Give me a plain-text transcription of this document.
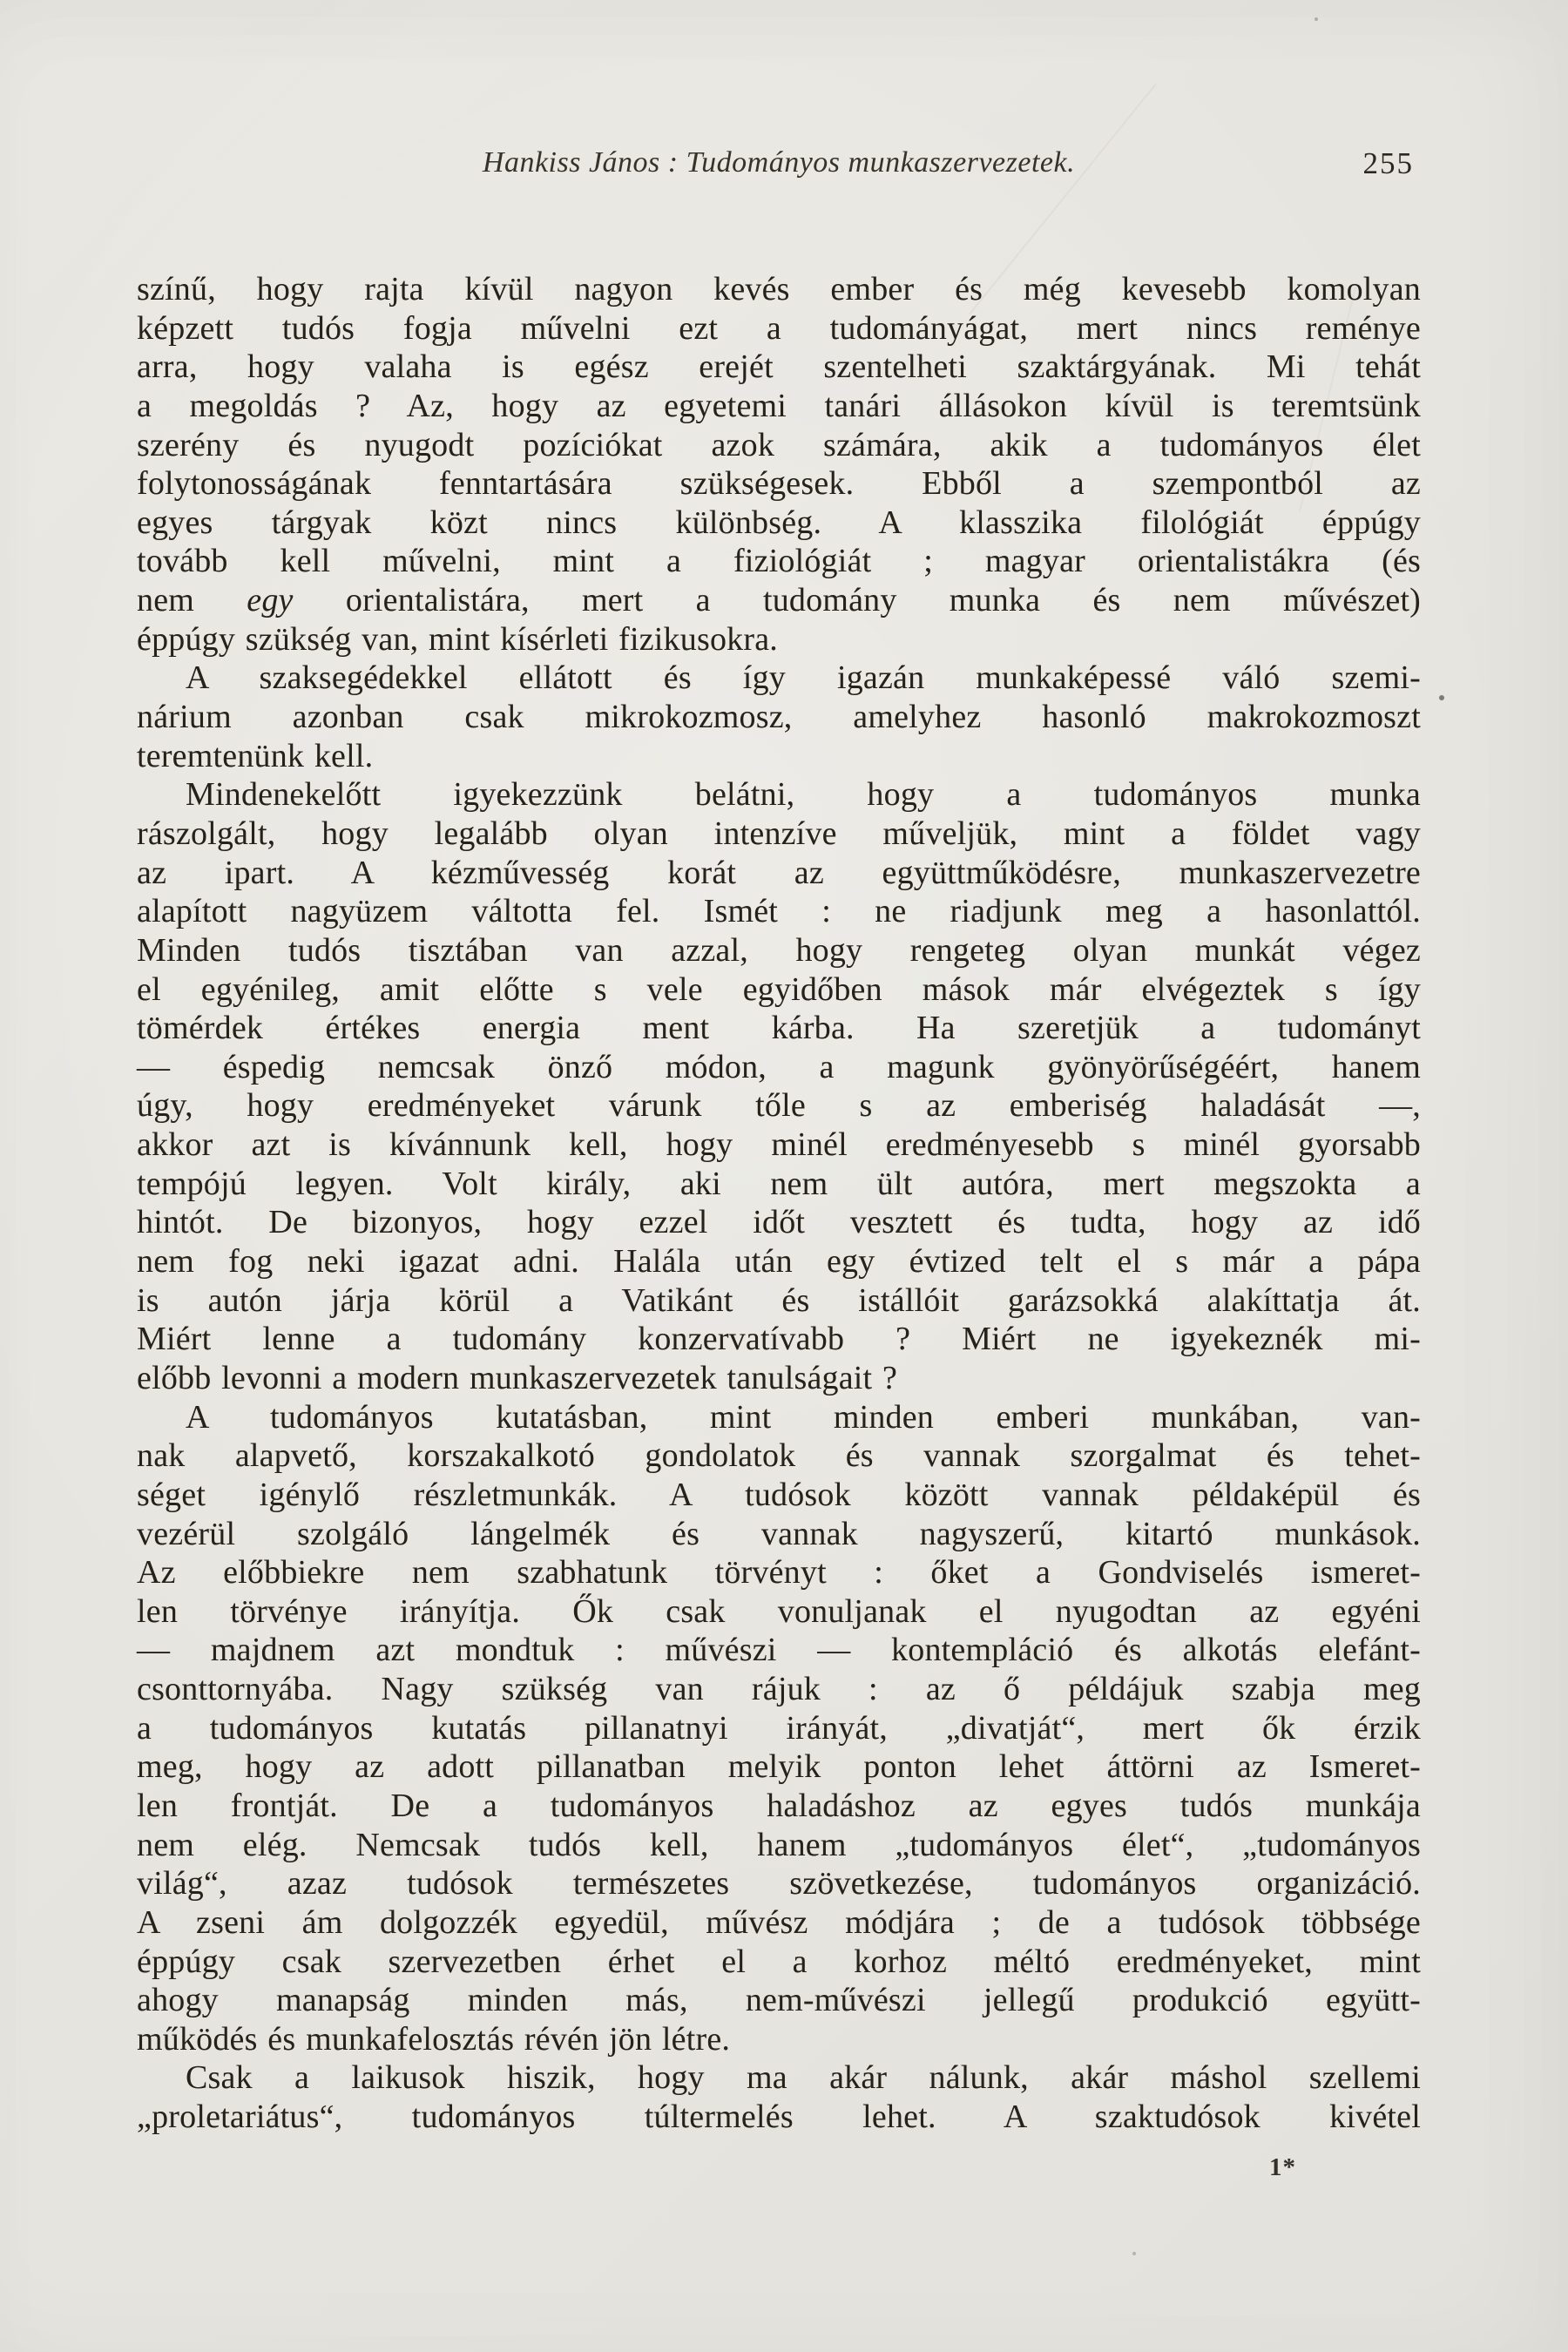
Hankiss János : Tudományos munkaszervezetek.	255
színű, hogy rajta kívül nagyon kevés ember és még kevesebb komolyan
képzett tudós fogja művelni ezt a tudományágat, mert nincs reménye
arra, hogy valaha is egész erejét szentelheti szaktárgyának. Mi tehát
a megoldás ? Az, hogy az egyetemi tanári állásokon kívül is teremtsünk
szerény és nyugodt pozíciókat azok számára, akik a tudományos élet
folytonosságának fenntartására szükségesek. Ebből a szempontból az
egyes tárgyak közt nincs különbség. A klasszika filológiát éppúgy
tovább kell művelni, mint a fiziológiát ; magyar orientalistákra (és
nem egy orientalistára, mert a tudomány munka és nem művészet)
éppúgy szükség van, mint kísérleti fizikusokra.
A szaksegédekkel ellátott és így igazán munkaképessé váló szemi-
nárium azonban csak mikrokozmosz, amelyhez hasonló makrokozmoszt
teremtenünk kell.
Mindenekelőtt igyekezzünk belátni, hogy a tudományos munka
rászolgált, hogy legalább olyan intenzíve műveljük, mint a földet vagy
az ipart. A kézművesség korát az együttműködésre, munkaszervezetre
alapított nagyüzem váltotta fel. Ismét : ne riadjunk meg a hasonlattól.
Minden tudós tisztában van azzal, hogy rengeteg olyan munkát végez
el egyénileg, amit előtte s vele egyidőben mások már elvégeztek s így
tömérdek értékes energia ment kárba. Ha szeretjük a tudományt
— éspedig nemcsak önző módon, a magunk gyönyörűségéért, hanem
úgy, hogy eredményeket várunk tőle s az emberiség haladását —,
akkor azt is kívánnunk kell, hogy minél eredményesebb s minél gyorsabb
tempójú legyen. Volt király, aki nem ült autóra, mert megszokta a
hintót. De bizonyos, hogy ezzel időt vesztett és tudta, hogy az idő
nem fog neki igazat adni. Halála után egy évtized telt el s már a pápa
is autón járja körül a Vatikánt és istállóit garázsokká alakíttatja át.
Miért lenne a tudomány konzervatívabb ? Miért ne igyekeznék mi-
előbb levonni a modern munkaszervezetek tanulságait ?
A tudományos kutatásban, mint minden emberi munkában, van-
nak alapvető, korszakalkotó gondolatok és vannak szorgalmat és tehet-
séget igénylő részletmunkák. A tudósok között vannak példaképül és
vezérül szolgáló lángelmék és vannak nagyszerű, kitartó munkások.
Az előbbiekre nem szabhatunk törvényt : őket a Gondviselés ismeret-
len törvénye irányítja. Ők csak vonuljanak el nyugodtan az egyéni
— majdnem azt mondtuk : művészi — kontempláció és alkotás elefánt-
csonttornyába. Nagy szükség van rájuk : az ő példájuk szabja meg
a tudományos kutatás pillanatnyi irányát, „divatját“, mert ők érzik
meg, hogy az adott pillanatban melyik ponton lehet áttörni az Ismeret-
len frontját. De a tudományos haladáshoz az egyes tudós munkája
nem elég. Nemcsak tudós kell, hanem „tudományos élet“, „tudományos
világ“, azaz tudósok természetes szövetkezése, tudományos organizáció.
A zseni ám dolgozzék egyedül, művész módjára ; de a tudósok többsége
éppúgy csak szervezetben érhet el a korhoz méltó eredményeket, mint
ahogy manapság minden más, nem-művészi jellegű produkció együtt-
működés és munkafelosztás révén jön létre.
Csak a laikusok hiszik, hogy ma akár nálunk, akár máshol szellemi
„proletariátus“, tudományos túltermelés lehet. A szaktudósok kivétel
1*
